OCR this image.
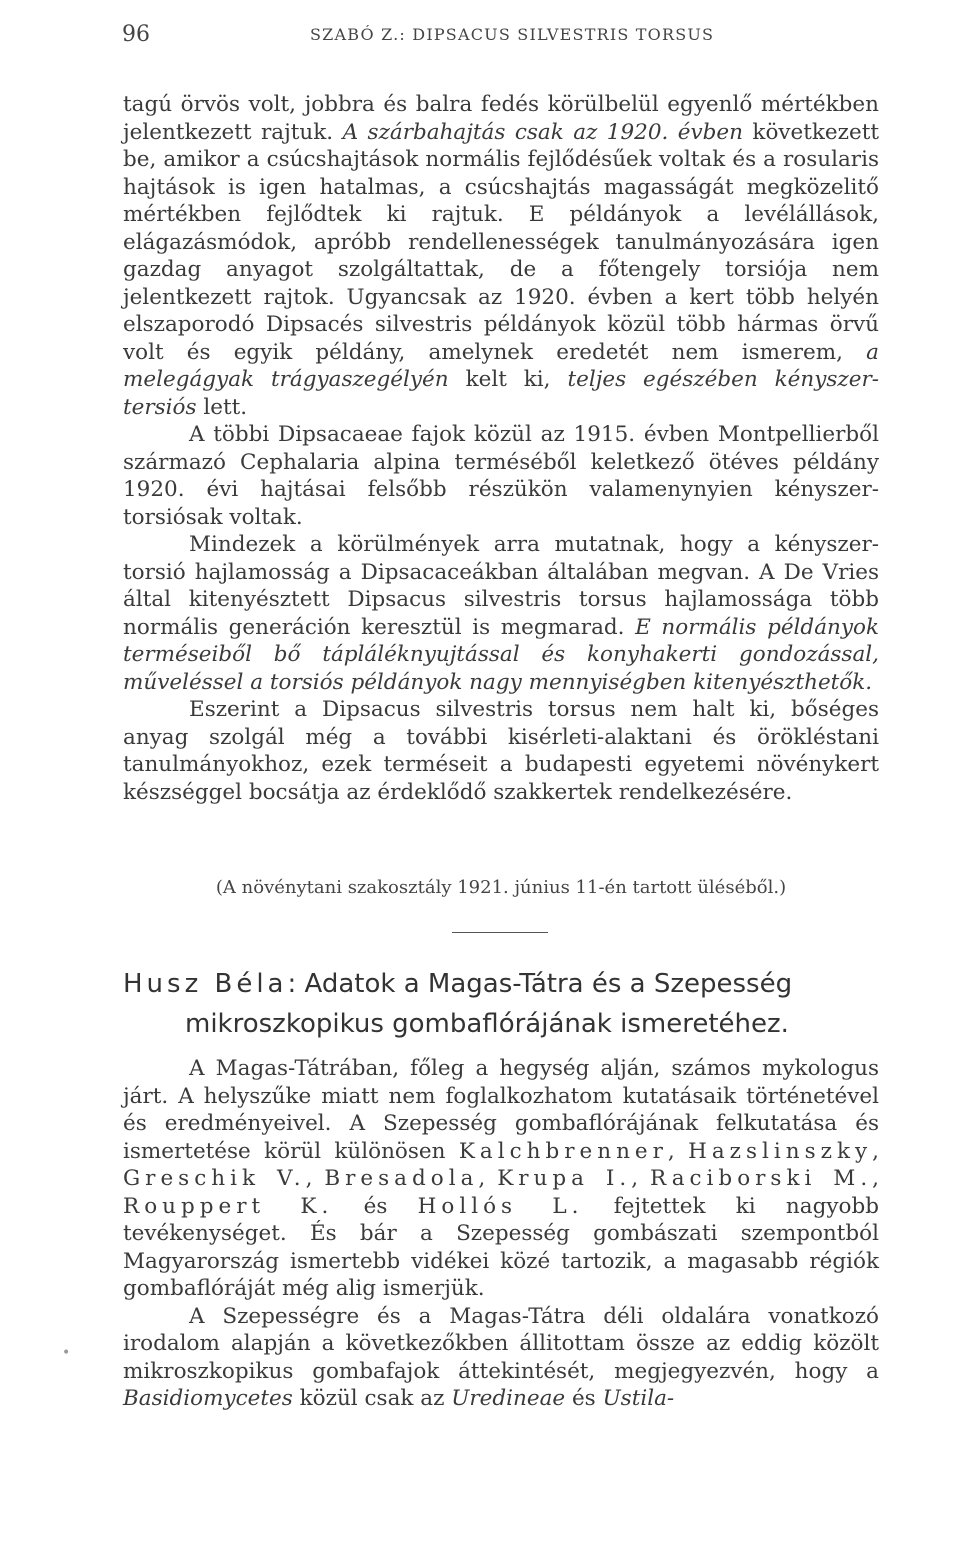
96	SZABÓ Z.: DIPSACUS SILVESTRIS TORSUS

tagú örvös volt, jobbra és balra fedés körülbelül egyenlő mértékben jelentkezett rajtuk. A szárbahajtás csak az 1920. évben következett be, amikor a csúcshajtások normális fejlődésűek voltak és a rosularis hajtások is igen hatalmas, a csúcshajtás magasságát megközelitő mértékben fejlődtek ki rajtuk. E példányok a levélállások, elágazásmódok, apróbb rendellenességek tanulmányozására igen gazdag anyagot szolgáltattak, de a főtengely torsiója nem jelentkezett rajtok. Ugyancsak az 1920. évben a kert több helyén elszaporodó Dipsacés silvestris példányok közül több hármas örvű volt és egyik példány, amelynek eredetét nem ismerem, a melegágyak trágyaszegélyén kelt ki, teljes egészében kényszer-tersiós lett.

A többi Dipsacaeae fajok közül az 1915. évben Montpellierből származó Cephalaria alpina terméséből keletkező ötéves példány 1920. évi hajtásai felsőbb részükön valamenynyien kényszer-torsiósak voltak.

Mindezek a körülmények arra mutatnak, hogy a kényszer-torsió hajlamosság a Dipsacaceákban általában megvan. A De Vries által kitenyésztett Dipsacus silvestris torsus hajlamossága több normális generáción keresztül is megmarad. E normális példányok terméseiből bő tápláléknyujtással és konyhakerti gondozással, műveléssel a torsiós példányok nagy mennyiségben kitenyészthetők.

Eszerint a Dipsacus silvestris torsus nem halt ki, bőséges anyag szolgál még a további kisérleti-alaktani és örökléstani tanulmányokhoz, ezek terméseit a budapesti egyetemi növénykert készséggel bocsátja az érdeklődő szakkertek rendelkezésére.

(A növénytani szakosztály 1921. június 11-én tartott üléséből.)
Husz Béla: Adatok a Magas-Tátra és a Szepesség
mikroszkopikus gombaflórájának ismeretéhez.

A Magas-Tátrában, főleg a hegység alján, számos mykologus járt. A helyszűke miatt nem foglalkozhatom kutatásaik történetével és eredményeivel. A Szepesség gombaflórájának felkutatása és ismertetése körül különösen Kalchbrenner, Hazslinszky, Greschik V., Bresadola, Krupa I., Raciborski M., Rouppert K. és Hollós L. fejtettek ki nagyobb tevékenységet. És bár a Szepesség gombászati szempontból Magyarország ismertebb vidékei közé tartozik, a magasabb régiók gombaflóráját még alig ismerjük.

A Szepességre és a Magas-Tátra déli oldalára vonatkozó irodalom alapján a következőkben állitottam össze az eddig közölt mikroszkopikus gombafajok áttekintését, megjegyezvén, hogy a Basidiomycetes közül csak az Uredineae és Ustila-

•
